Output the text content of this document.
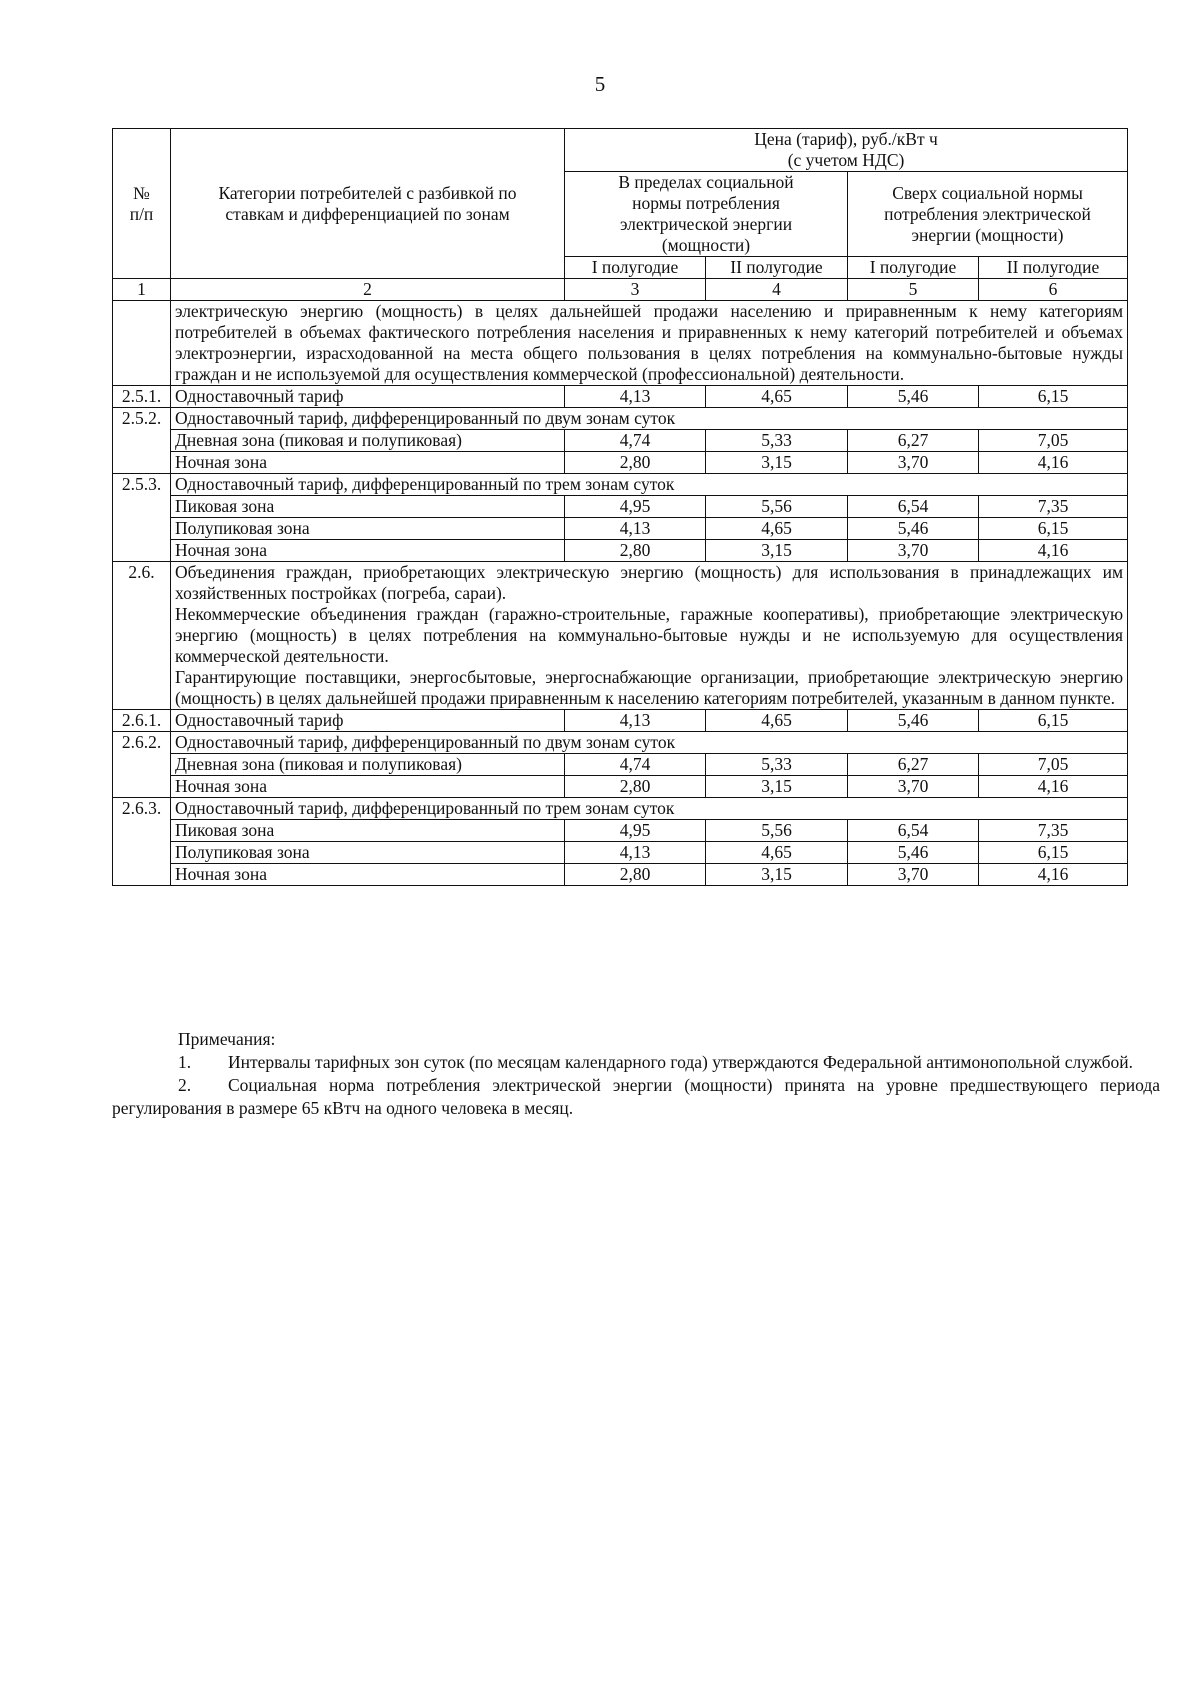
5
№
п/п	Категории потребителей с разбивкой по ставкам и дифференциацией по зонам	Цена (тариф), руб./кВт ч
(с учетом НДС)			
		В пределах социальной нормы потребления электрической энергии (мощности)		Сверх социальной нормы потребления электрической энергии (мощности)	
		I полугодие	II полугодие	I полугодие	II полугодие
1	2	3	4	5	6
	электрическую энергию (мощность) в целях дальнейшей продажи населению и приравненным к нему категориям потребителей в объемах фактического потребления населения и приравненных к нему категорий потребителей и объемах электроэнергии, израсходованной на места общего пользования в целях потребления на коммунально-бытовые нужды граждан и не используемой для осуществления коммерческой (профессиональной) деятельности.				
2.5.1.	Одноставочный тариф	4,13	4,65	5,46	6,15
2.5.2.	Одноставочный тариф, дифференцированный по двум зонам суток				
	Дневная зона (пиковая и полупиковая)	4,74	5,33	6,27	7,05
	Ночная зона	2,80	3,15	3,70	4,16
2.5.3.	Одноставочный тариф, дифференцированный по трем зонам суток				
	Пиковая зона	4,95	5,56	6,54	7,35
	Полупиковая зона	4,13	4,65	5,46	6,15
	Ночная зона	2,80	3,15	3,70	4,16
2.6.	Объединения граждан, приобретающих электрическую энергию (мощность) для использования в принадлежащих им хозяйственных постройках (погреба, сараи).
Некоммерческие объединения граждан (гаражно-строительные, гаражные кооперативы), приобретающие электрическую энергию (мощность) в целях потребления на коммунально-бытовые нужды и не используемую для осуществления коммерческой деятельности.
Гарантирующие поставщики, энергосбытовые, энергоснабжающие организации, приобретающие электрическую энергию (мощность) в целях дальнейшей продажи приравненным к населению категориям потребителей, указанным в данном пункте.				

2.6.1.	Одноставочный тариф	4,13	4,65	5,46	6,15
2.6.2.	Одноставочный тариф, дифференцированный по двум зонам суток				
	Дневная зона (пиковая и полупиковая)	4,74	5,33	6,27	7,05
	Ночная зона	2,80	3,15	3,70	4,16
2.6.3.	Одноставочный тариф, дифференцированный по трем зонам суток				
	Пиковая зона	4,95	5,56	6,54	7,35
	Полупиковая зона	4,13	4,65	5,46	6,15
	Ночная зона	2,80	3,15	3,70	4,16
Примечания:

1. Интервалы тарифных зон суток (по месяцам календарного года) утверждаются Федеральной антимонопольной службой.

2. Социальная норма потребления электрической энергии (мощности) принята на уровне предшествующего периода регулирования в размере 65 кВтч на одного человека в месяц.
